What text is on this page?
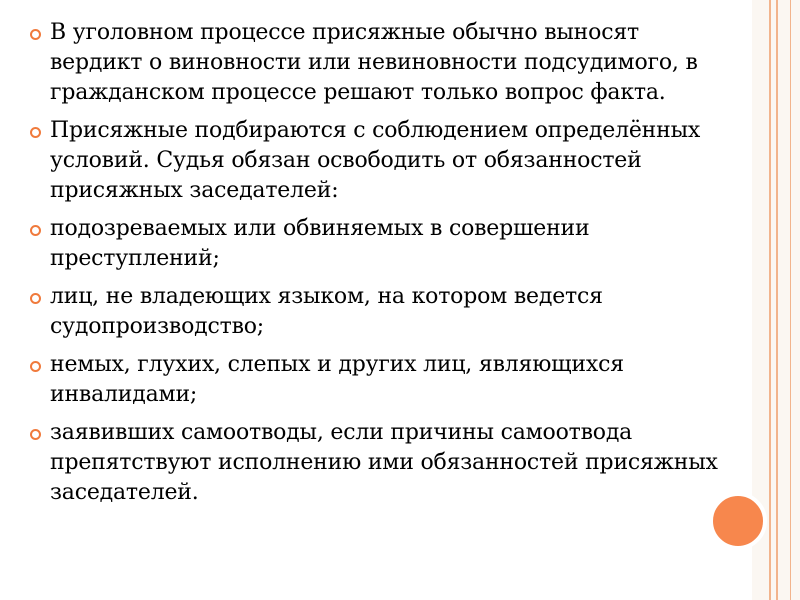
В уголовном процессе присяжные обычно выносят вердикт о виновности или невиновности подсудимого, в гражданском процессе решают только вопрос факта.
Присяжные подбираются с соблюдением определённых условий. Судья обязан освободить от обязанностей присяжных заседателей:
подозреваемых или обвиняемых в совершении преступлений;
лиц, не владеющих языком, на котором ведется судопроизводство;
немых, глухих, слепых и других лиц, являющихся инвалидами;
заявивших самоотводы, если причины самоотвода препятствуют исполнению ими обязанностей присяжных заседателей.
